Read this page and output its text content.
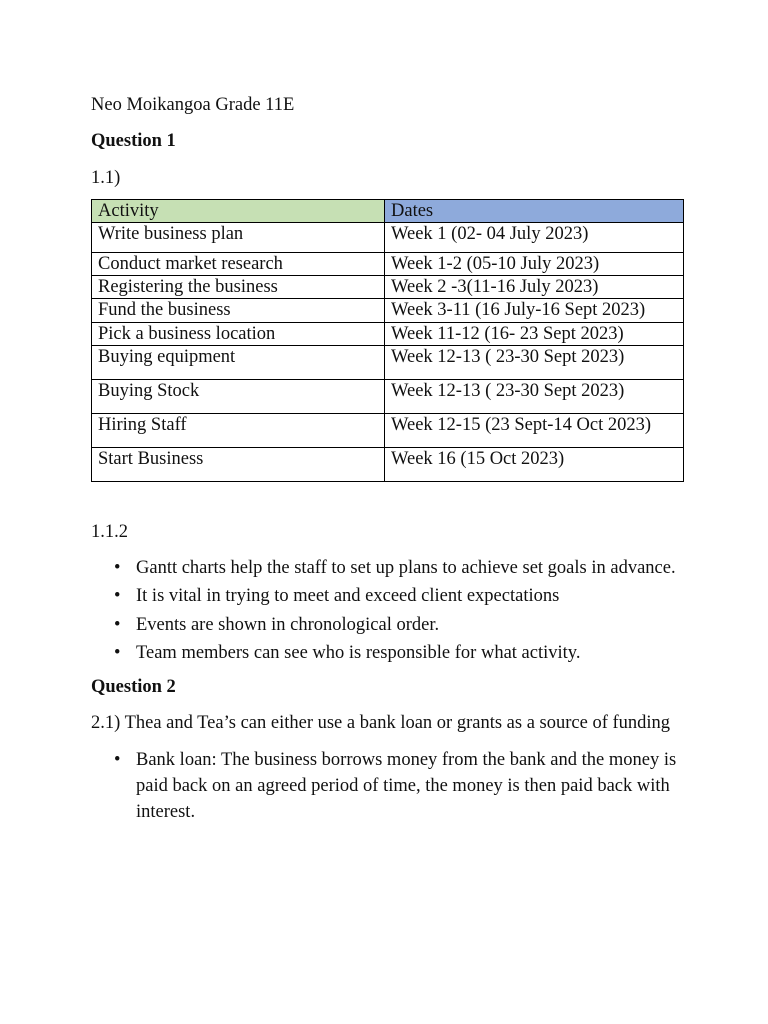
Neo Moikangoa Grade 11E

Question 1

1.1)

Activity	Dates
Write business plan	Week 1 (02- 04 July 2023)
Conduct market research	Week 1-2 (05-10 July 2023)
Registering the business	Week 2 -3(11-16 July 2023)
Fund the business	Week 3-11 (16 July-16 Sept 2023)
Pick a business location	Week 11-12 (16- 23 Sept 2023)
Buying equipment	Week 12-13 ( 23-30 Sept 2023)
Buying Stock	Week 12-13 ( 23-30 Sept 2023)
Hiring Staff	Week 12-15 (23 Sept-14 Oct 2023)
Start Business	Week 16 (15 Oct 2023)

1.1.2

• Gantt charts help the staff to set up plans to achieve set goals in advance.
• It is vital in trying to meet and exceed client expectations
• Events are shown in chronological order.
• Team members can see who is responsible for what activity.

Question 2

2.1) Thea and Tea’s can either use a bank loan or grants as a source of funding

• Bank loan: The business borrows money from the bank and the money is paid back on an agreed period of time, the money is then paid back with interest.
